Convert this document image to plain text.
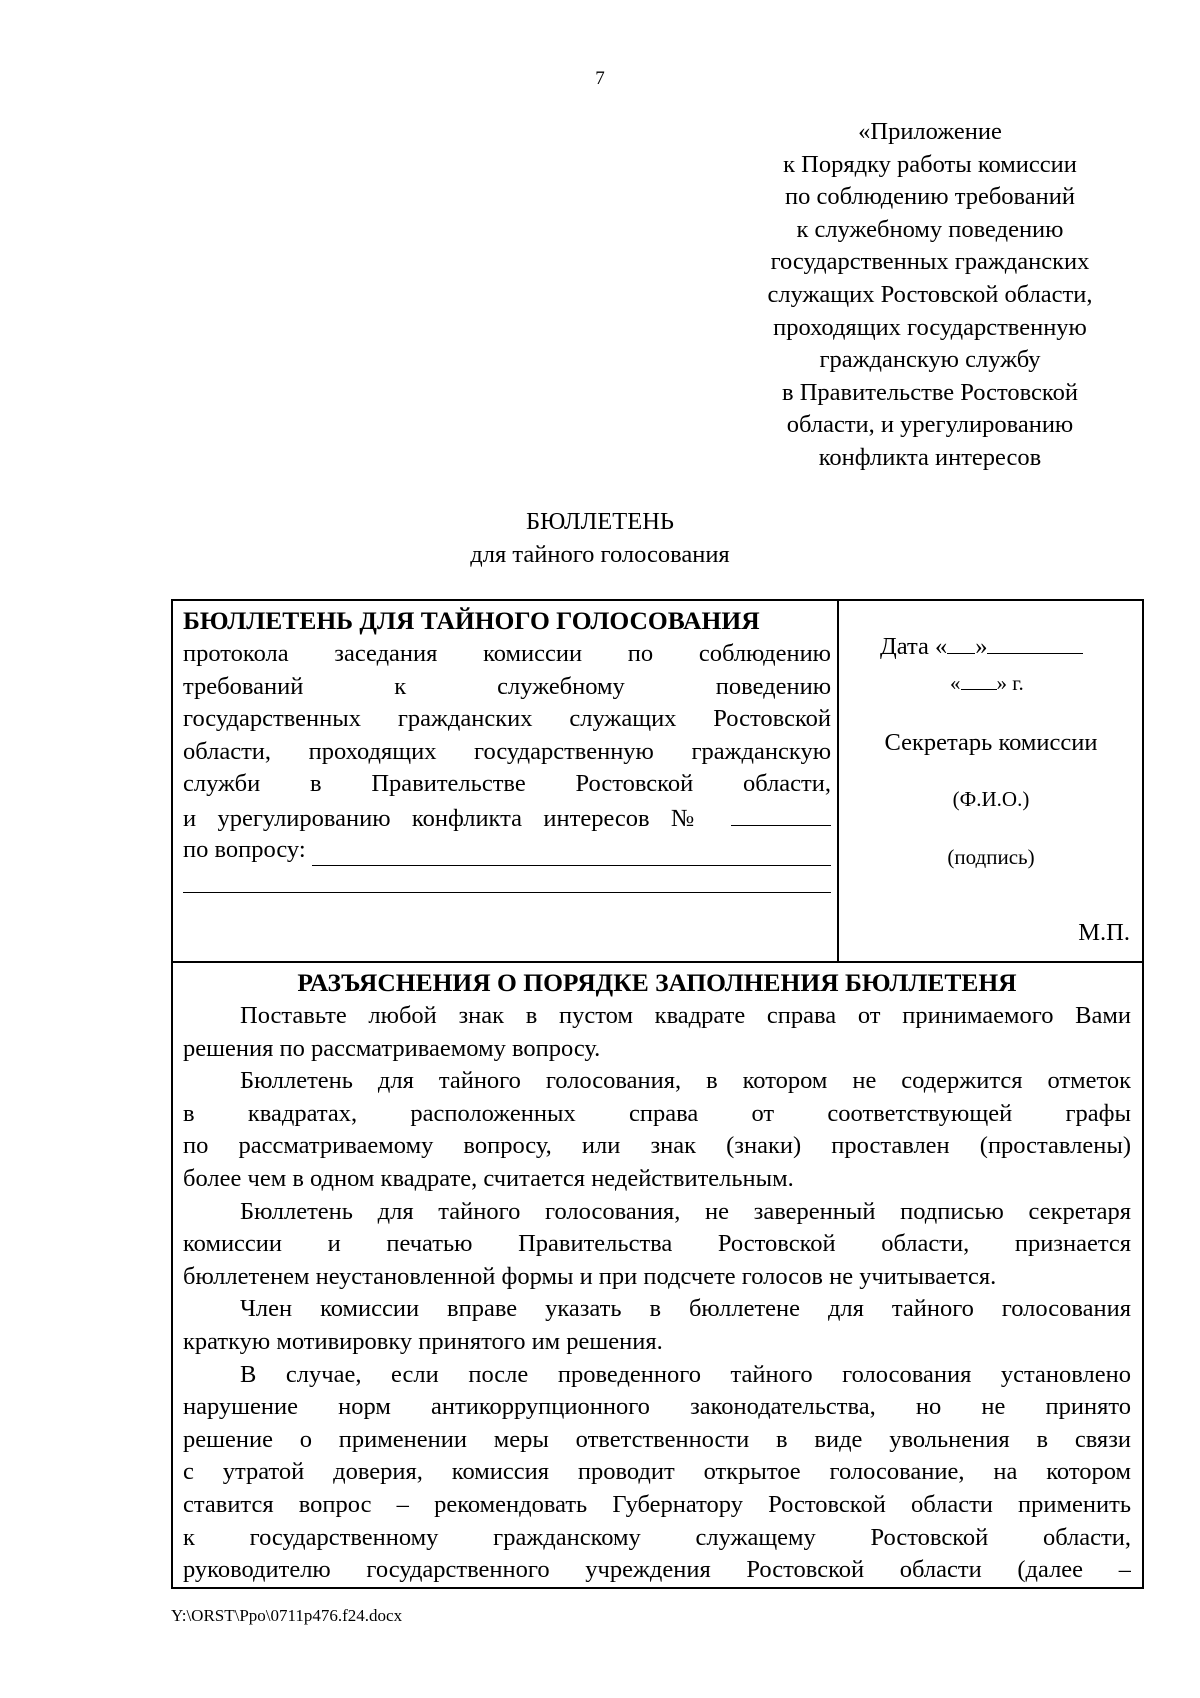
7
«Приложение
к Порядку работы комиссии
по соблюдению требований
к служебному поведению
государственных гражданских
служащих Ростовской области,
проходящих государственную
гражданскую службу
в Правительстве Ростовской
области, и урегулированию
конфликта интересов
БЮЛЛЕТЕНЬ
для тайного голосования
БЮЛЛЕТЕНЬ ДЛЯ ТАЙНОГО ГОЛОСОВАНИЯ
протокола заседания комиссии по соблюдению
требований к служебному поведению
государственных гражданских служащих Ростовской
области, проходящих государственную гражданскую
служби в Правительстве Ростовской области,
и урегулированию конфликта интересов №
по вопросу:
Дата « »
« » г.
Секретарь комиссии
(Ф.И.О.)
(подпись)
М.П.
РАЗЪЯСНЕНИЯ О ПОРЯДКЕ ЗАПОЛНЕНИЯ БЮЛЛЕТЕНЯ
Поставьте любой знак в пустом квадрате справа от принимаемого Вами
решения по рассматриваемому вопросу.
Бюллетень для тайного голосования, в котором не содержится отметок
в квадратах, расположенных справа от соответствующей графы
по рассматриваемому вопросу, или знак (знаки) проставлен (проставлены)
более чем в одном квадрате, считается недействительным.
Бюллетень для тайного голосования, не заверенный подписью секретаря
комиссии и печатью Правительства Ростовской области, признается
бюллетенем неустановленной формы и при подсчете голосов не учитывается.
Член комиссии вправе указать в бюллетене для тайного голосования
краткую мотивировку принятого им решения.
В случае, если после проведенного тайного голосования установлено
нарушение норм антикоррупционного законодательства, но не принято
решение о применении меры ответственности в виде увольнения в связи
с утратой доверия, комиссия проводит открытое голосование, на котором
ставится вопрос – рекомендовать Губернатору Ростовской области применить
к государственному гражданскому служащему Ростовской области,
руководителю государственного учреждения Ростовской области (далее –
Y:\ORST\Ppo\0711p476.f24.docx
